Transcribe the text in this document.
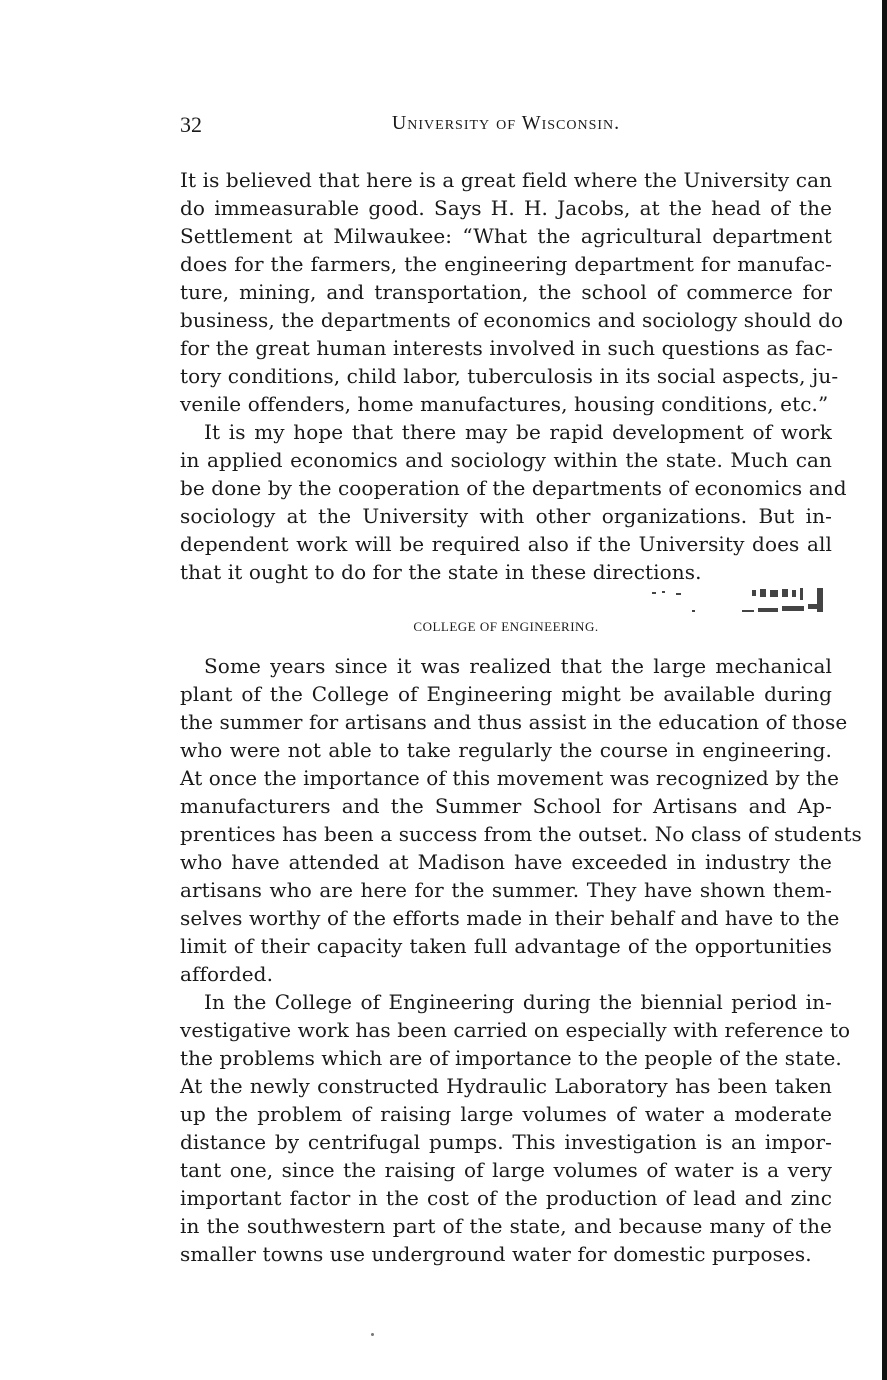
32	University of Wisconsin.

It is believed that here is a great field where the University can
do immeasurable good. Says H. H. Jacobs, at the head of the
Settlement at Milwaukee: “What the agricultural department
does for the farmers, the engineering department for manufac-
ture, mining, and transportation, the school of commerce for
business, the departments of economics and sociology should do
for the great human interests involved in such questions as fac-
tory conditions, child labor, tuberculosis in its social aspects, ju-
venile offenders, home manufactures, housing conditions, etc.”

It is my hope that there may be rapid development of work
in applied economics and sociology within the state. Much can
be done by the cooperation of the departments of economics and
sociology at the University with other organizations. But in-
dependent work will be required also if the University does all
that it ought to do for the state in these directions.

COLLEGE OF ENGINEERING.

Some years since it was realized that the large mechanical
plant of the College of Engineering might be available during
the summer for artisans and thus assist in the education of those
who were not able to take regularly the course in engineering.
At once the importance of this movement was recognized by the
manufacturers and the Summer School for Artisans and Ap-
prentices has been a success from the outset. No class of students
who have attended at Madison have exceeded in industry the
artisans who are here for the summer. They have shown them-
selves worthy of the efforts made in their behalf and have to the
limit of their capacity taken full advantage of the opportunities
afforded.

In the College of Engineering during the biennial period in-
vestigative work has been carried on especially with reference to
the problems which are of importance to the people of the state.
At the newly constructed Hydraulic Laboratory has been taken
up the problem of raising large volumes of water a moderate
distance by centrifugal pumps. This investigation is an impor-
tant one, since the raising of large volumes of water is a very
important factor in the cost of the production of lead and zinc
in the southwestern part of the state, and because many of the
smaller towns use underground water for domestic purposes.
